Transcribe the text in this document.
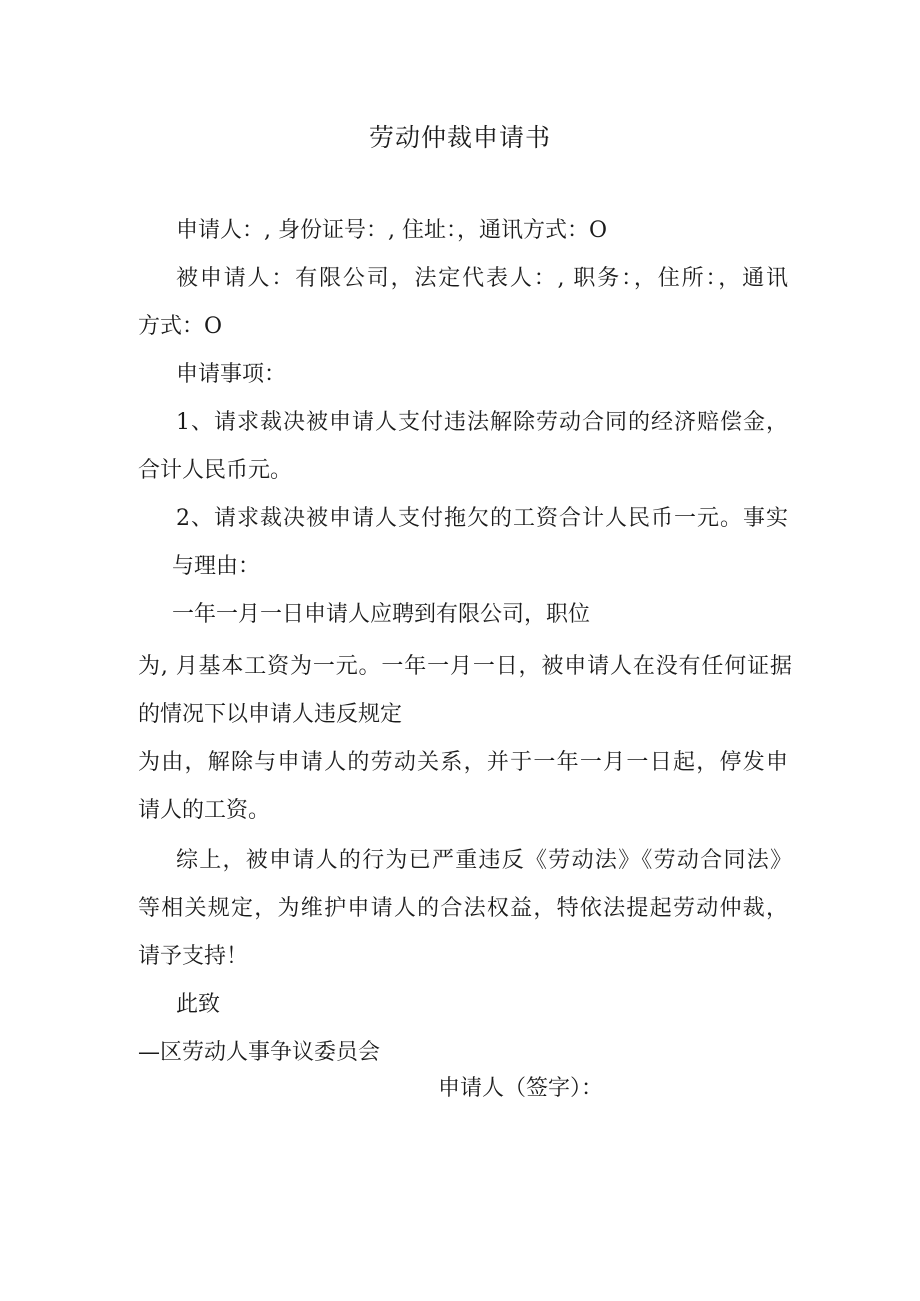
劳动仲裁申请书
申请人：, 身份证号：, 住址：，通讯方式：O
被申请人：有限公司，法定代表人：, 职务：，住所：，通讯
方式：O
申请事项：
1、请求裁决被申请人支付违法解除劳动合同的经济赔偿金，
合计人民币元。
2、请求裁决被申请人支付拖欠的工资合计人民币一元。事实
与理由：
一年一月一日申请人应聘到有限公司，职位
为, 月基本工资为一元。一年一月一日，被申请人在没有任何证据
的情况下以申请人违反规定
为由，解除与申请人的劳动关系，并于一年一月一日起，停发申
请人的工资。
综上，被申请人的行为已严重违反《劳动法》《劳动合同法》
等相关规定，为维护申请人的合法权益，特依法提起劳动仲裁，
请予支持！
此致
—区劳动人事争议委员会
申请人（签字）：
